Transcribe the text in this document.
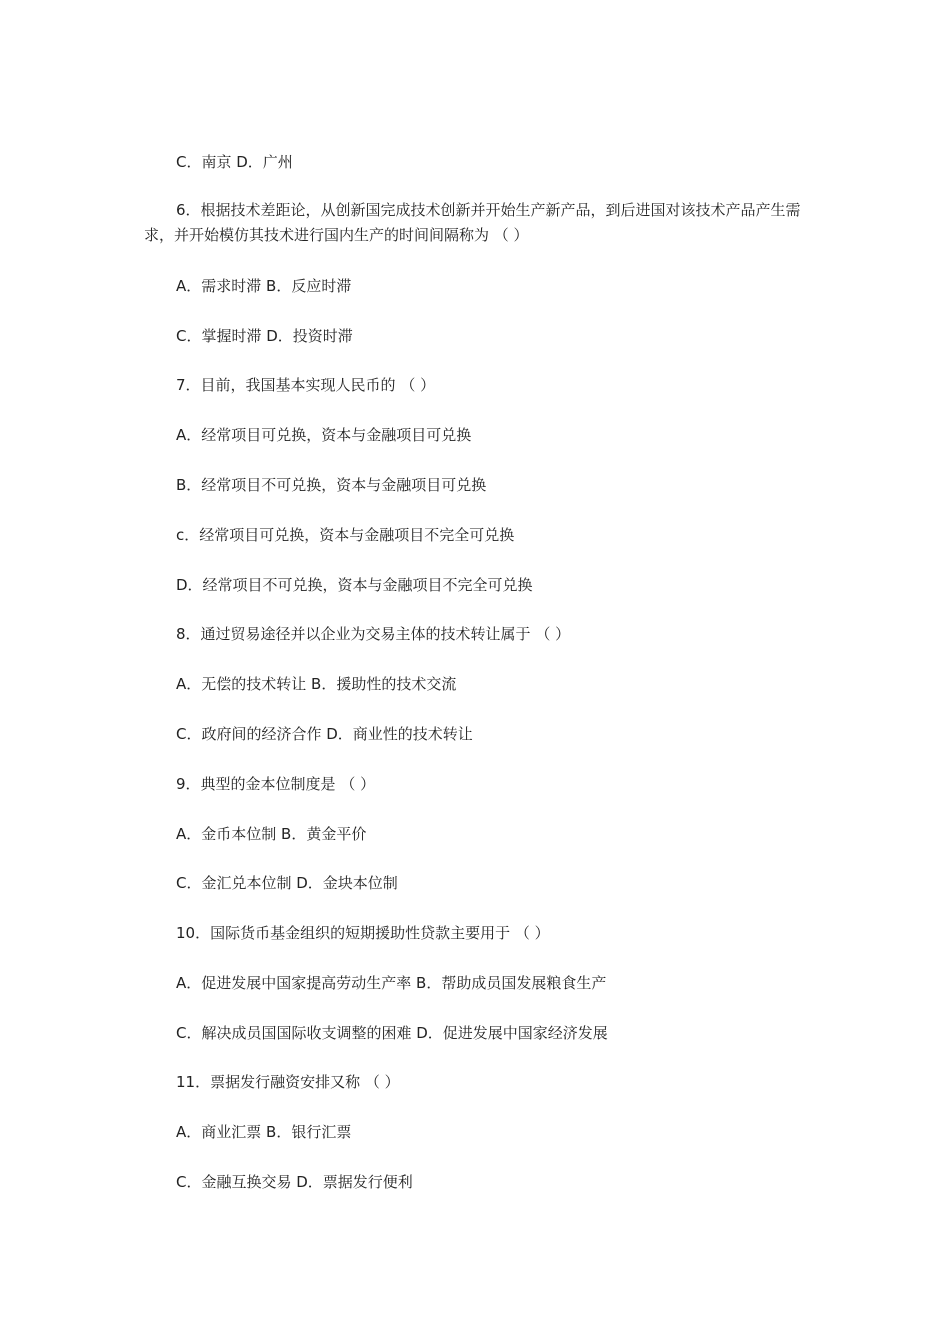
C．南京 D．广州
6．根据技术差距论，从创新国完成技术创新并开始生产新产品，到后进国对该技术产品产生需求，并开始模仿其技术进行国内生产的时间间隔称为 （ ）
A．需求时滞 B．反应时滞
C．掌握时滞 D．投资时滞
7．目前，我国基本实现人民币的 （ ）
A．经常项目可兑换，资本与金融项目可兑换
B．经常项目不可兑换，资本与金融项目可兑换
c．经常项目可兑换，资本与金融项目不完全可兑换
D．经常项目不可兑换，资本与金融项目不完全可兑换
8．通过贸易途径并以企业为交易主体的技术转让属于 （ ）
A．无偿的技术转让 B．援助性的技术交流
C．政府间的经济合作 D．商业性的技术转让
9．典型的金本位制度是 （ ）
A．金币本位制 B．黄金平价
C．金汇兑本位制 D．金块本位制
10．国际货币基金组织的短期援助性贷款主要用于 （ ）
A．促进发展中国家提高劳动生产率 B．帮助成员国发展粮食生产
C．解决成员国国际收支调整的困难 D．促进发展中国家经济发展
11．票据发行融资安排又称 （ ）
A．商业汇票 B．银行汇票
C．金融互换交易 D．票据发行便利
